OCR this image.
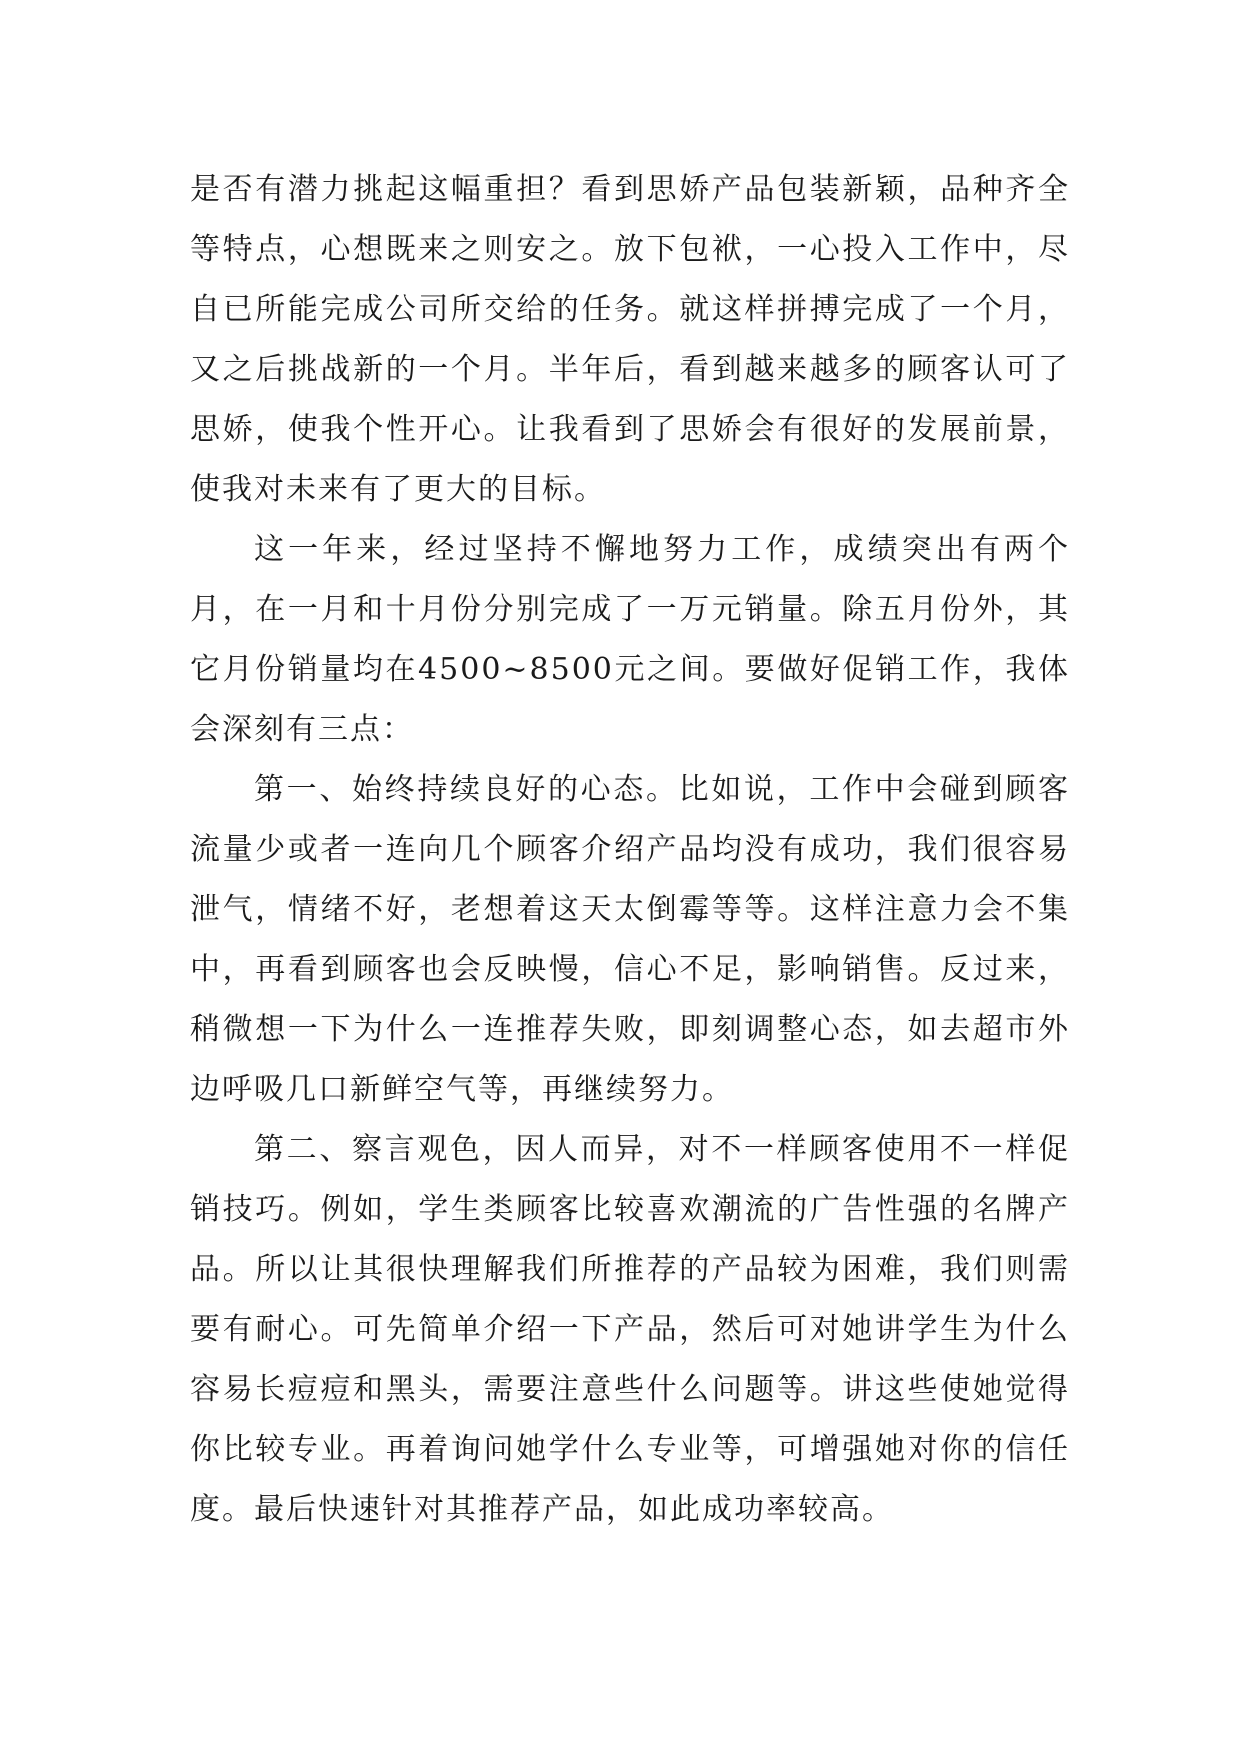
是否有潜力挑起这幅重担？看到思娇产品包装新颖，品种齐全等特点，心想既来之则安之。放下包袱，一心投入工作中，尽自已所能完成公司所交给的任务。就这样拼搏完成了一个月，又之后挑战新的一个月。半年后，看到越来越多的顾客认可了思娇，使我个性开心。让我看到了思娇会有很好的发展前景，使我对未来有了更大的目标。

这一年来，经过坚持不懈地努力工作，成绩突出有两个月，在一月和十月份分别完成了一万元销量。除五月份外，其它月份销量均在4500~8500元之间。要做好促销工作，我体会深刻有三点：

第一、始终持续良好的心态。比如说，工作中会碰到顾客流量少或者一连向几个顾客介绍产品均没有成功，我们很容易泄气，情绪不好，老想着这天太倒霉等等。这样注意力会不集中，再看到顾客也会反映慢，信心不足，影响销售。反过来，稍微想一下为什么一连推荐失败，即刻调整心态，如去超市外边呼吸几口新鲜空气等，再继续努力。

第二、察言观色，因人而异，对不一样顾客使用不一样促销技巧。例如，学生类顾客比较喜欢潮流的广告性强的名牌产品。所以让其很快理解我们所推荐的产品较为困难，我们则需要有耐心。可先简单介绍一下产品，然后可对她讲学生为什么容易长痘痘和黑头，需要注意些什么问题等。讲这些使她觉得你比较专业。再着询问她学什么专业等，可增强她对你的信任度。最后快速针对其推荐产品，如此成功率较高。
